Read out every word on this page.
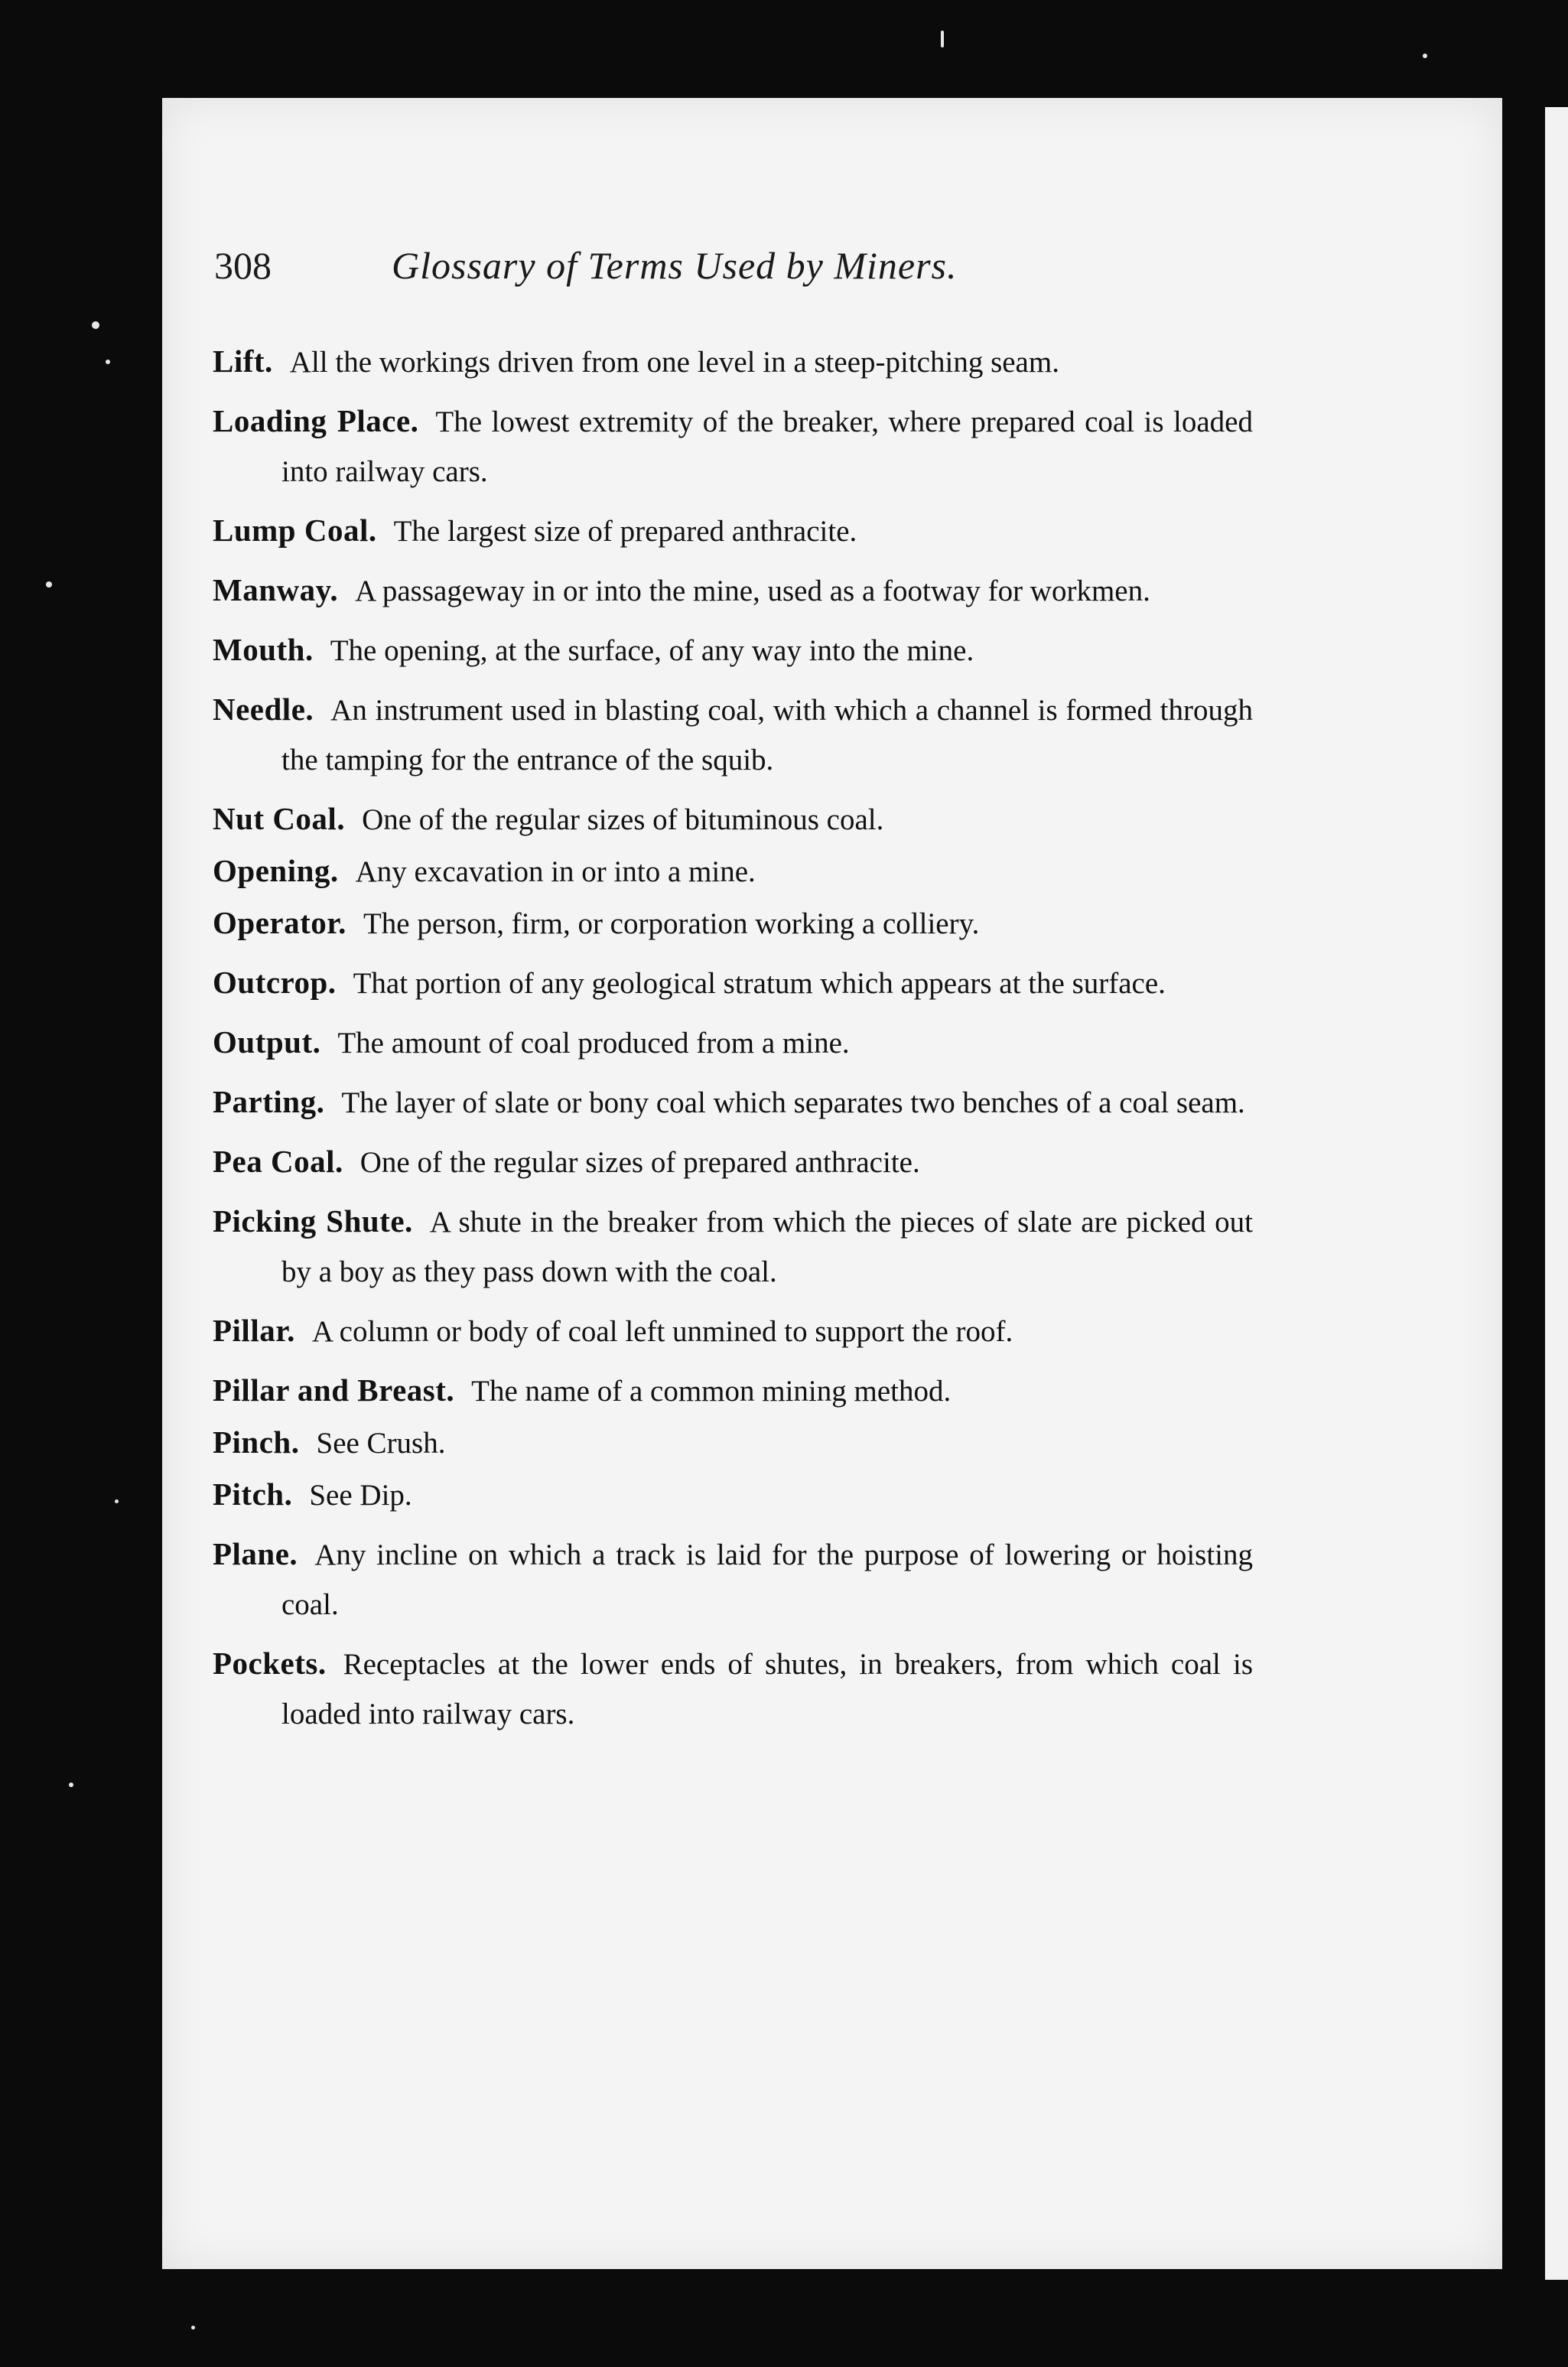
308	Glossary of Terms Used by Miners.

Lift. All the workings driven from one level in a steep-pitching seam.

Loading Place. The lowest extremity of the breaker, where prepared coal is loaded into railway cars.

Lump Coal. The largest size of prepared anthracite.

Manway. A passageway in or into the mine, used as a footway for workmen.

Mouth. The opening, at the surface, of any way into the mine.

Needle. An instrument used in blasting coal, with which a channel is formed through the tamping for the entrance of the squib.

Nut Coal. One of the regular sizes of bituminous coal.

Opening. Any excavation in or into a mine.

Operator. The person, firm, or corporation working a colliery.

Outcrop. That portion of any geological stratum which appears at the surface.

Output. The amount of coal produced from a mine.

Parting. The layer of slate or bony coal which separates two benches of a coal seam.

Pea Coal. One of the regular sizes of prepared anthracite.

Picking Shute. A shute in the breaker from which the pieces of slate are picked out by a boy as they pass down with the coal.

Pillar. A column or body of coal left unmined to support the roof.

Pillar and Breast. The name of a common mining method.

Pinch. See Crush.

Pitch. See Dip.

Plane. Any incline on which a track is laid for the purpose of lowering or hoisting coal.

Pockets. Receptacles at the lower ends of shutes, in breakers, from which coal is loaded into railway cars.
